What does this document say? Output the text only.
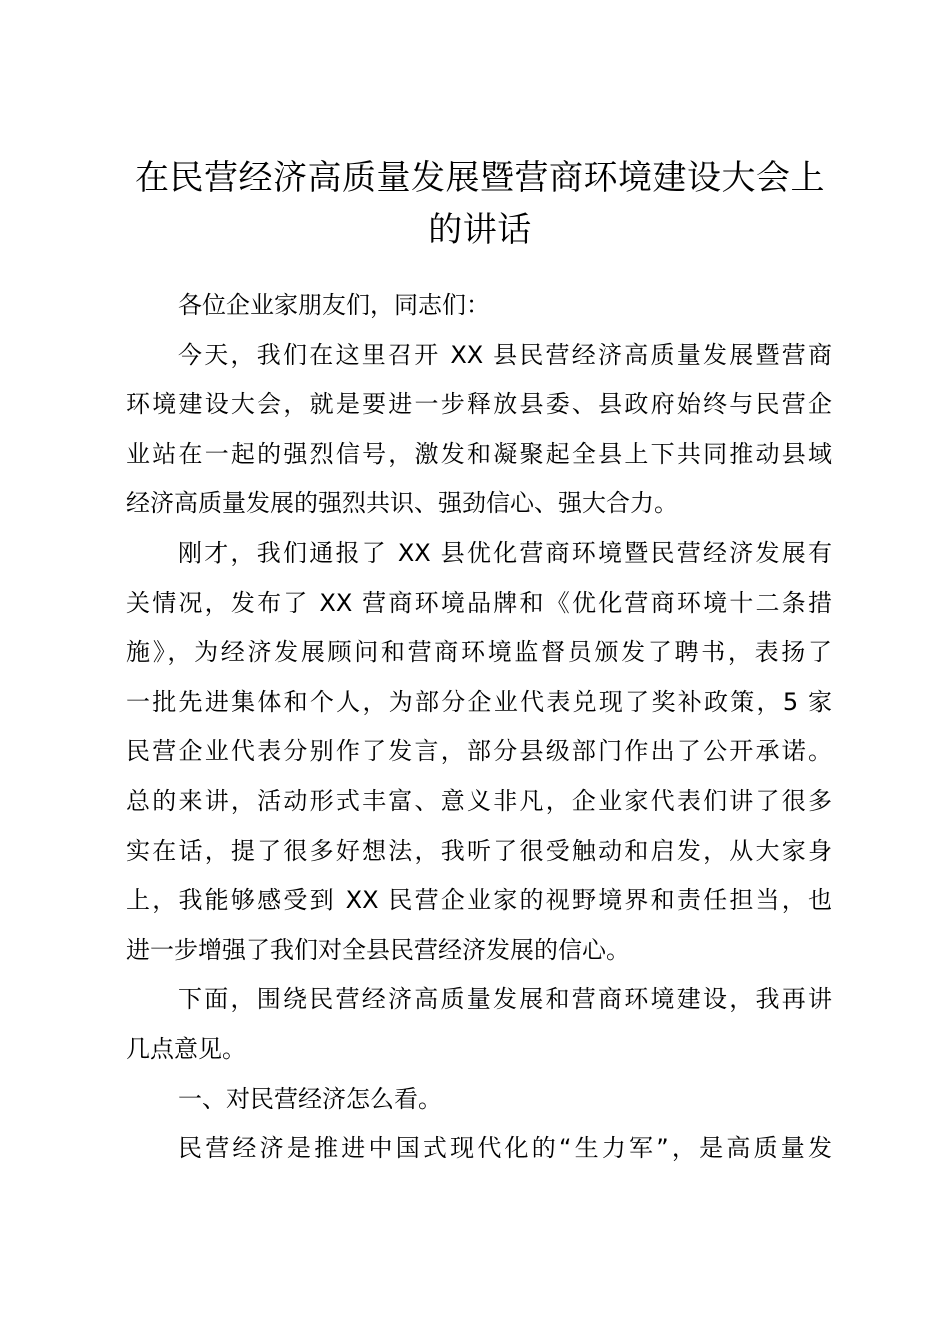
在民营经济高质量发展暨营商环境建设大会上
的讲话
各位企业家朋友们，同志们：
今天，我们在这里召开 XX 县民营经济高质量发展暨营商
环境建设大会，就是要进一步释放县委、县政府始终与民营企
业站在一起的强烈信号，激发和凝聚起全县上下共同推动县域
经济高质量发展的强烈共识、强劲信心、强大合力。
刚才，我们通报了 XX 县优化营商环境暨民营经济发展有
关情况，发布了 XX 营商环境品牌和《优化营商环境十二条措
施》，为经济发展顾问和营商环境监督员颁发了聘书，表扬了
一批先进集体和个人，为部分企业代表兑现了奖补政策，5 家
民营企业代表分别作了发言，部分县级部门作出了公开承诺。
总的来讲，活动形式丰富、意义非凡，企业家代表们讲了很多
实在话，提了很多好想法，我听了很受触动和启发，从大家身
上，我能够感受到 XX 民营企业家的视野境界和责任担当，也
进一步增强了我们对全县民营经济发展的信心。
下面，围绕民营经济高质量发展和营商环境建设，我再讲
几点意见。
一、对民营经济怎么看。
民营经济是推进中国式现代化的“生力军”，是高质量发
